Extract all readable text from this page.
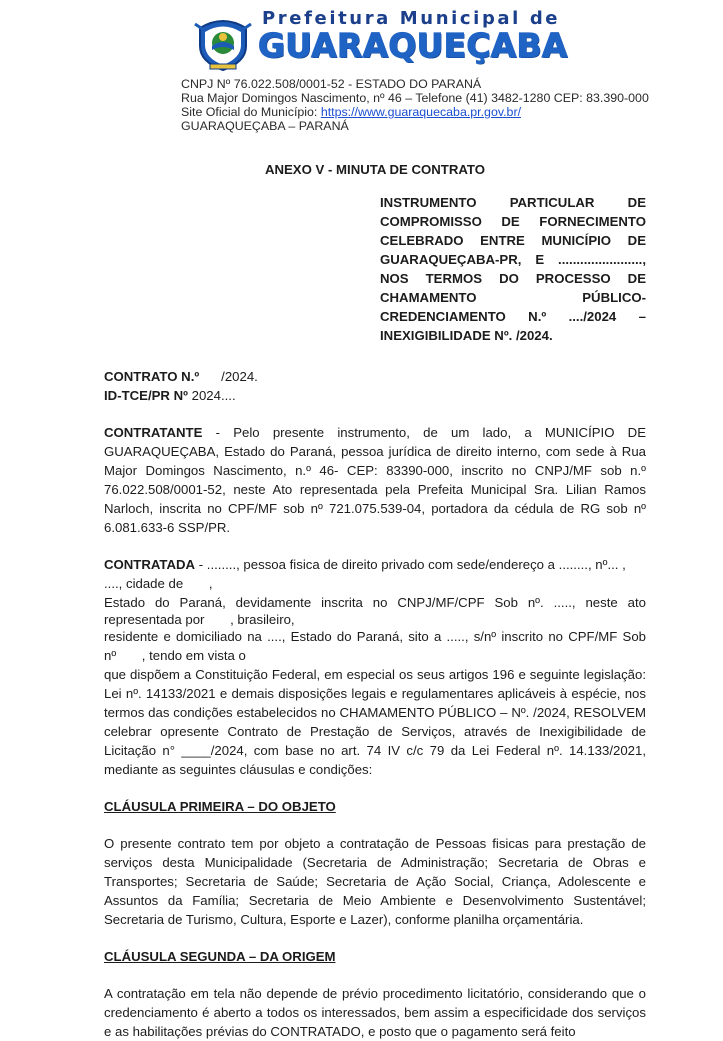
Prefeitura Municipal de
GUARAQUEÇABA
CNPJ Nº 76.022.508/0001-52 - ESTADO DO PARANÁ
Rua Major Domingos Nascimento, nº 46 – Telefone (41) 3482-1280 CEP: 83.390-000
Site Oficial do Município: https://www.guaraquecaba.pr.gov.br/
GUARAQUEÇABA – PARANÁ

ANEXO V - MINUTA DE CONTRATO

INSTRUMENTO PARTICULAR DE COMPROMISSO DE FORNECIMENTO CELEBRADO ENTRE MUNICÍPIO DE GUARAQUEÇABA-PR, E ......................., NOS TERMOS DO PROCESSO DE CHAMAMENTO PÚBLICO-CREDENCIAMENTO N.º ..../2024 –
INEXIGIBILIDADE Nº. /2024.
CONTRATO N.º      /2024.
ID-TCE/PR Nº 2024....

CONTRATANTE - Pelo presente instrumento, de um lado, a MUNICÍPIO DE GUARAQUEÇABA, Estado do Paraná, pessoa jurídica de direito interno, com sede à Rua Major Domingos Nascimento, n.º 46- CEP: 83390-000, inscrito no CNPJ/MF sob n.º 76.022.508/0001-52, neste Ato representada pela Prefeita Municipal Sra. Lilian Ramos Narloch, inscrita no CPF/MF sob nº 721.075.539-04, portadora da cédula de RG sob nº 6.081.633-6 SSP/PR.

CONTRATADA - ........, pessoa fisica de direito privado com sede/endereço a ........, nº... ,
...., cidade de       ,
Estado do Paraná, devidamente inscrita no CNPJ/MF/CPF Sob nº. ....., neste ato
representada por       , brasileiro,
residente e domiciliado na ...., Estado do Paraná, sito a ....., s/nº inscrito no CPF/MF Sob
nº       , tendo em vista o

que dispõem a Constituição Federal, em especial os seus artigos 196 e seguinte legislação: Lei nº. 14133/2021 e demais disposições legais e regulamentares aplicáveis à espécie, nos termos das condições estabelecidos no CHAMAMENTO PÚBLICO – Nº. /2024, RESOLVEM celebrar opresente Contrato de Prestação de Serviços, através de Inexigibilidade de Licitação n° ____/2024, com base no art. 74 IV c/c 79 da Lei Federal nº. 14.133/2021, mediante as seguintes cláusulas e condições:

CLÁUSULA PRIMEIRA – DO OBJETO

O presente contrato tem por objeto a contratação de Pessoas fisicas para prestação de serviços desta Municipalidade (Secretaria de Administração; Secretaria de Obras e Transportes; Secretaria de Saúde; Secretaria de Ação Social, Criança, Adolescente e Assuntos da Família; Secretaria de Meio Ambiente e Desenvolvimento Sustentável; Secretaria de Turismo, Cultura, Esporte e Lazer), conforme planilha orçamentária.

CLÁUSULA SEGUNDA – DA ORIGEM

A contratação em tela não depende de prévio procedimento licitatório, considerando que o credenciamento é aberto a todos os interessados, bem assim a especificidade dos serviços e as habilitações prévias do CONTRATADO, e posto que o pagamento será feito
